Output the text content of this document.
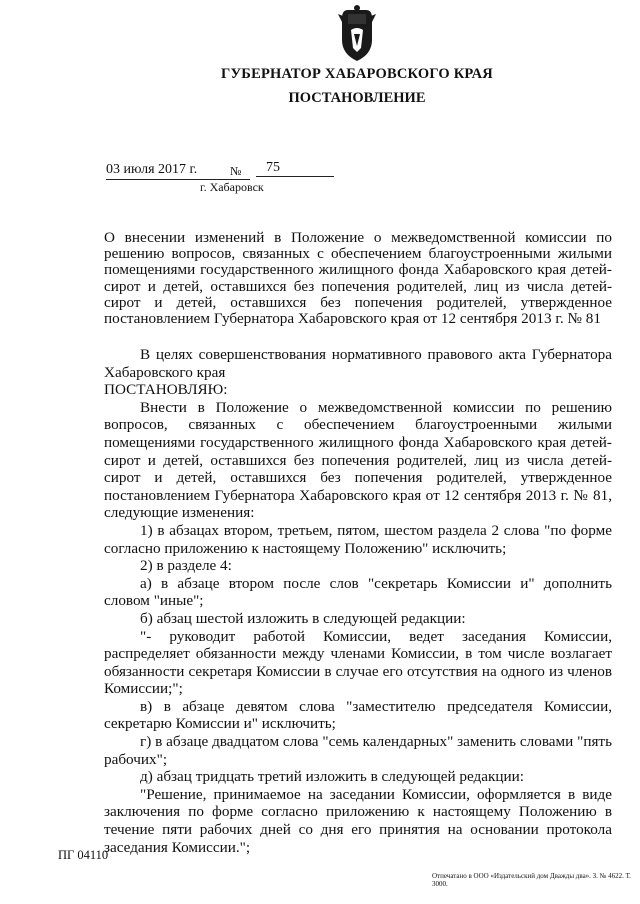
ГУБЕРНАТОР ХАБАРОВСКОГО КРАЯ
ПОСТАНОВЛЕНИЕ
03 июля 2017 г.	№	75
г. Хабаровск
О внесении изменений в Положение о межведомственной комиссии по решению вопросов, связанных с обеспечением благоустроенными жилыми помещениями государственного жилищного фонда Хабаровского края детей-сирот и детей, оставшихся без попечения родителей, лиц из числа детей-сирот и детей, оставшихся без попечения родителей, утвержденное постановлением Губернатора Хабаровского края от 12 сентября 2013 г. № 81

В целях совершенствования нормативного правового акта Губернатора Хабаровского края

ПОСТАНОВЛЯЮ:

Внести в Положение о межведомственной комиссии по решению вопросов, связанных с обеспечением благоустроенными жилыми помещениями государственного жилищного фонда Хабаровского края детей-сирот и детей, оставшихся без попечения родителей, лиц из числа детей-сирот и детей, оставшихся без попечения родителей, утвержденное постановлением Губернатора Хабаровского края от 12 сентября 2013 г. № 81, следующие изменения:

1) в абзацах втором, третьем, пятом, шестом раздела 2 слова "по форме согласно приложению к настоящему Положению" исключить;

2) в разделе 4:

а) в абзаце втором после слов "секретарь Комиссии и" дополнить словом "иные";

б) абзац шестой изложить в следующей редакции:

"- руководит работой Комиссии, ведет заседания Комиссии, распределяет обязанности между членами Комиссии, в том числе возлагает обязанности секретаря Комиссии в случае его отсутствия на одного из членов Комиссии;";

в) в абзаце девятом слова "заместителю председателя Комиссии, секретарю Комиссии и" исключить;

г) в абзаце двадцатом слова "семь календарных" заменить словами "пять рабочих";

д) абзац тридцать третий изложить в следующей редакции:

"Решение, принимаемое на заседании Комиссии, оформляется в виде заключения по форме согласно приложению к настоящему Положению в течение пяти рабочих дней со дня его принятия на основании протокола заседания Комиссии.";

ПГ 04110
Отпечатано в ООО «Издательский дом Дважды два». З. № 4622. Т. 3000.
